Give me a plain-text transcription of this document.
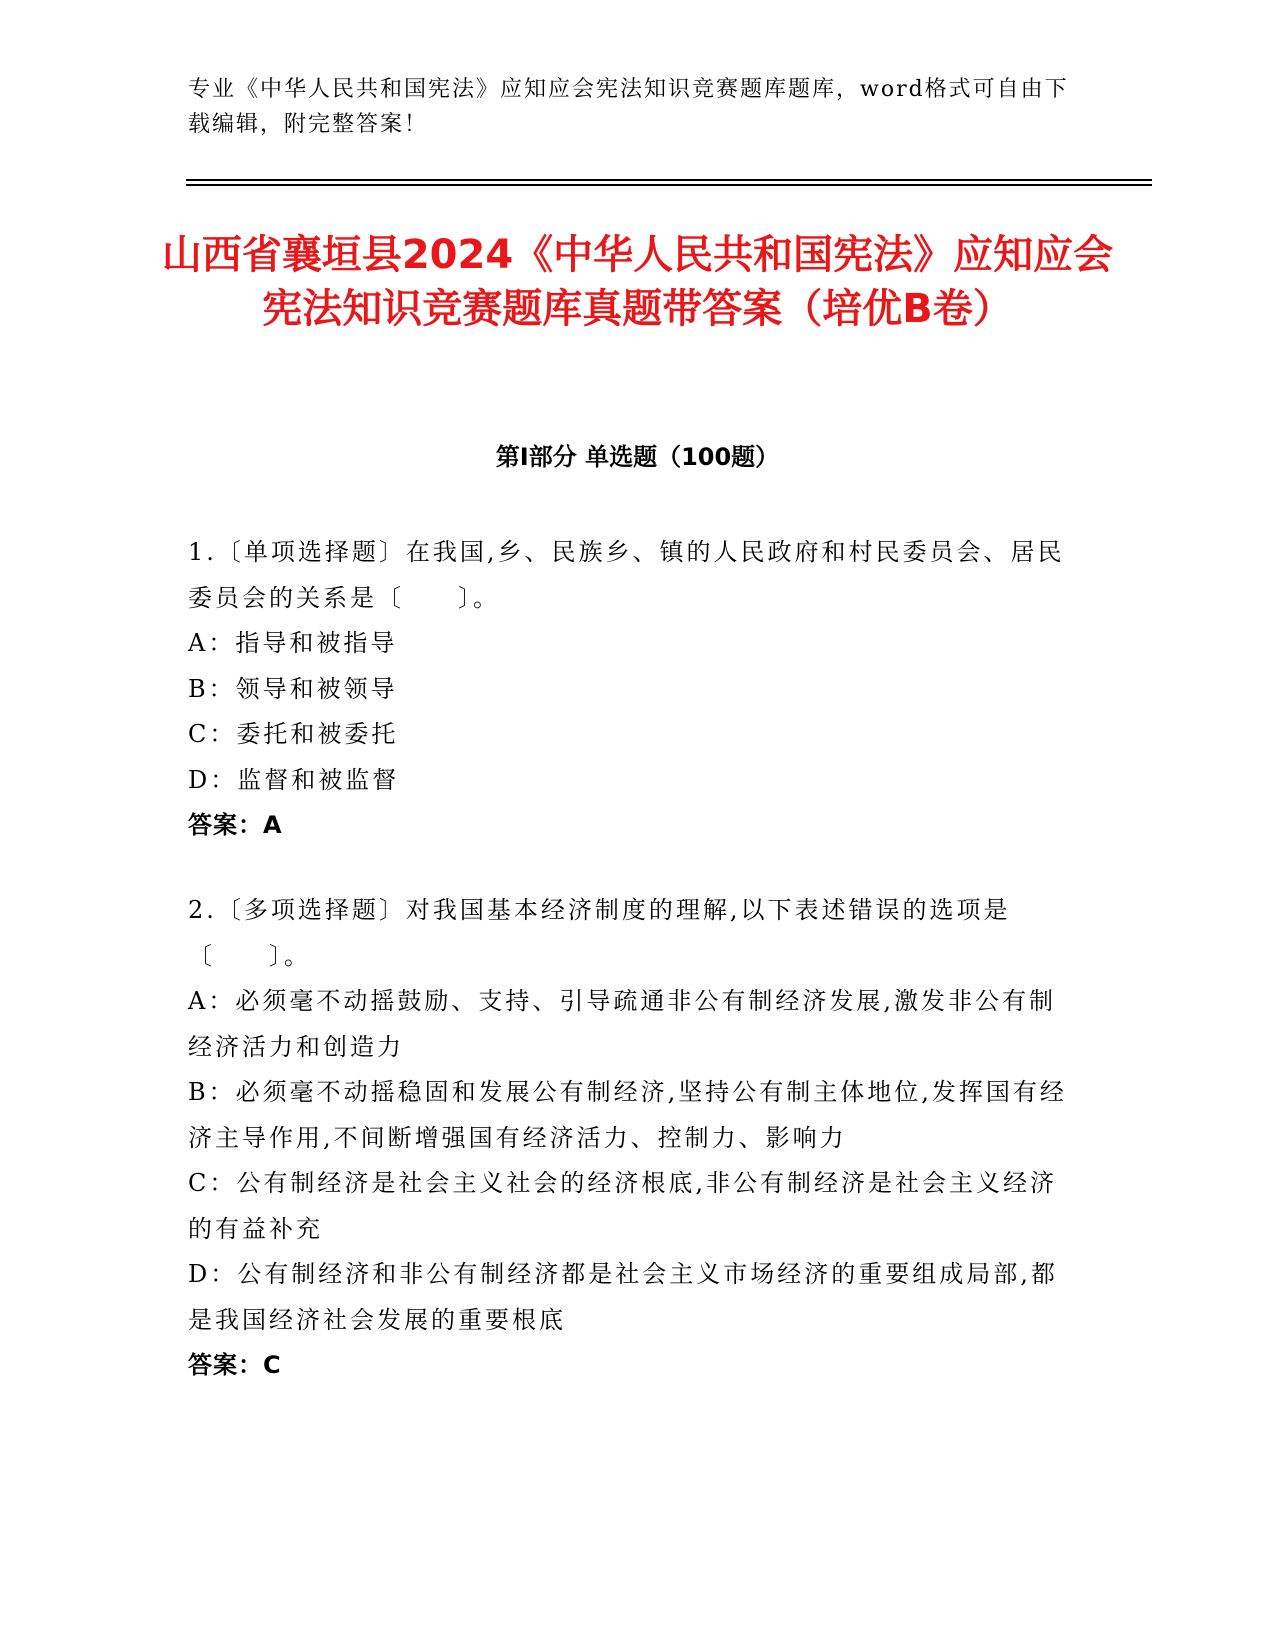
专业《中华人民共和国宪法》应知应会宪法知识竞赛题库题库，word格式可自由下载编辑，附完整答案！
山西省襄垣县2024《中华人民共和国宪法》应知应会宪法知识竞赛题库真题带答案（培优B卷）
第I部分 单选题（100题）

1.〔单项选择题〕在我国,乡、民族乡、镇的人民政府和村民委员会、居民委员会的关系是〔　　〕。

A：指导和被指导

B：领导和被领导

C：委托和被委托

D：监督和被监督

答案：A

2.〔多项选择题〕对我国基本经济制度的理解,以下表述错误的选项是〔　　〕。

A：必须毫不动摇鼓励、支持、引导疏通非公有制经济发展,激发非公有制经济活力和创造力

B：必须毫不动摇稳固和发展公有制经济,坚持公有制主体地位,发挥国有经济主导作用,不间断增强国有经济活力、控制力、影响力

C：公有制经济是社会主义社会的经济根底,非公有制经济是社会主义经济的有益补充

D：公有制经济和非公有制经济都是社会主义市场经济的重要组成局部,都是我国经济社会发展的重要根底

答案：C
